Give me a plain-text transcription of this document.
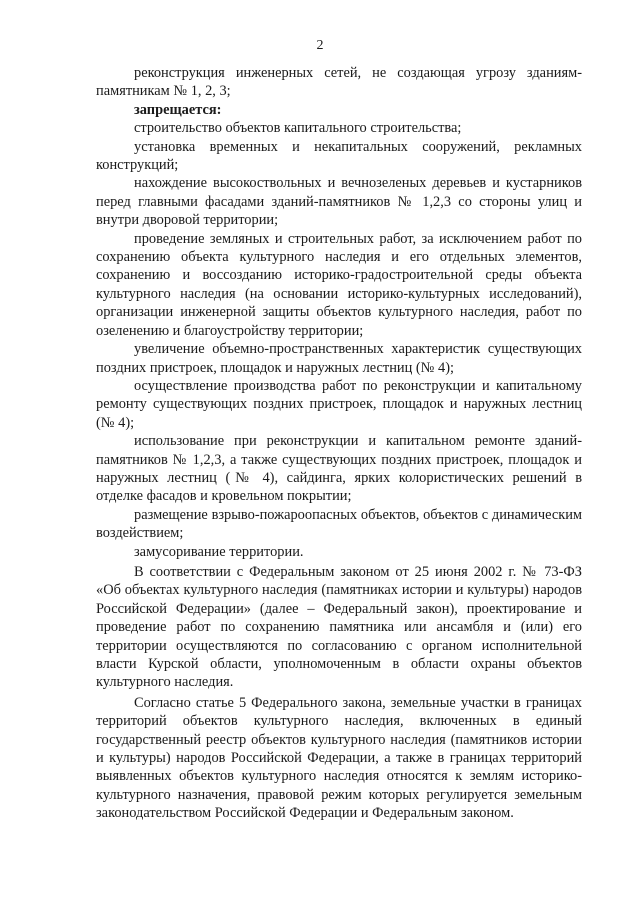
2

реконструкция инженерных сетей, не создающая угрозу зданиям-памятникам № 1, 2, 3;

запрещается:

строительство объектов капитального строительства;

установка временных и некапитальных сооружений, рекламных конструкций;

нахождение высокоствольных и вечнозеленых деревьев и кустарников перед главными фасадами зданий-памятников № 1,2,3 со стороны улиц и внутри дворовой территории;

проведение земляных и строительных работ, за исключением работ по сохранению объекта культурного наследия и его отдельных элементов, сохранению и воссозданию историко-градостроительной среды объекта культурного наследия (на основании историко-культурных исследований), организации инженерной защиты объектов культурного наследия, работ по озеленению и благоустройству территории;

увеличение объемно-пространственных характеристик существующих поздних пристроек, площадок и наружных лестниц (№ 4);

осуществление производства работ по реконструкции и капитальному ремонту существующих поздних пристроек, площадок и наружных лестниц (№ 4);

использование при реконструкции и капитальном ремонте зданий-памятников № 1,2,3, а также существующих поздних пристроек, площадок и наружных лестниц (№ 4), сайдинга, ярких колористических решений в отделке фасадов и кровельном покрытии;

размещение взрыво-пожароопасных объектов, объектов с динамическим воздействием;

замусоривание территории.

В соответствии с Федеральным законом от 25 июня 2002 г. № 73-ФЗ «Об объектах культурного наследия (памятниках истории и культуры) народов Российской Федерации» (далее – Федеральный закон), проектирование и проведение работ по сохранению памятника или ансамбля и (или) его территории осуществляются по согласованию с органом исполнительной власти Курской области, уполномоченным в области охраны объектов культурного наследия.

Согласно статье 5 Федерального закона, земельные участки в границах территорий объектов культурного наследия, включенных в единый государственный реестр объектов культурного наследия (памятников истории и культуры) народов Российской Федерации, а также в границах территорий выявленных объектов культурного наследия относятся к землям историко-культурного назначения, правовой режим которых регулируется земельным законодательством Российской Федерации и Федеральным законом.
